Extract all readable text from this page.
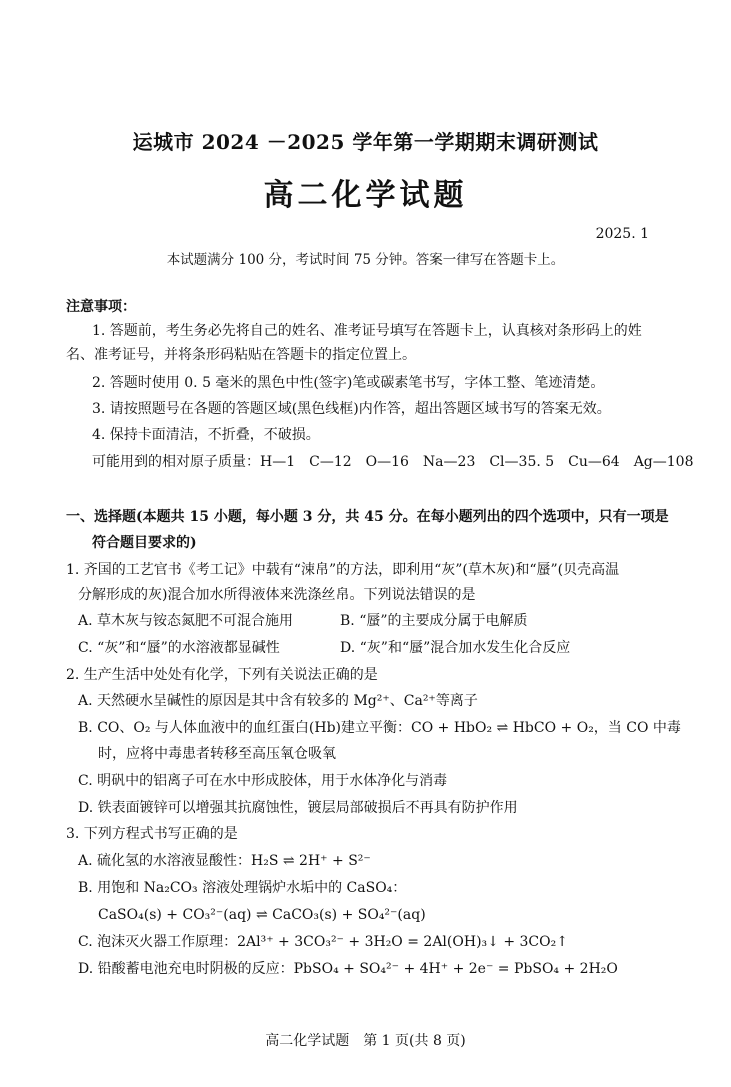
运城市 2024 －2025 学年第一学期期末调研测试
高二化学试题
2025. 1
本试题满分 100 分，考试时间 75 分钟。答案一律写在答题卡上。
注意事项：
1. 答题前，考生务必先将自己的姓名、准考证号填写在答题卡上，认真核对条形码上的姓
名、准考证号，并将条形码粘贴在答题卡的指定位置上。
2. 答题时使用 0. 5 毫米的黑色中性(签字)笔或碳素笔书写，字体工整、笔迹清楚。
3. 请按照题号在各题的答题区域(黑色线框)内作答，超出答题区域书写的答案无效。
4. 保持卡面清洁，不折叠，不破损。
可能用到的相对原子质量：H—1　C—12　O—16　Na—23　Cl—35. 5　Cu—64　Ag—108
一、选择题(本题共 15 小题，每小题 3 分，共 45 分。在每小题列出的四个选项中，只有一项是
符合题目要求的)
1. 齐国的工艺官书《考工记》中载有“涑帛”的方法，即利用“灰”(草木灰)和“蜃”(贝壳高温
分解形成的灰)混合加水所得液体来洗涤丝帛。下列说法错误的是
A. 草木灰与铵态氮肥不可混合施用	B. “蜃”的主要成分属于电解质
C. “灰”和“蜃”的水溶液都显碱性	D. “灰”和“蜃”混合加水发生化合反应
2. 生产生活中处处有化学，下列有关说法正确的是
A. 天然硬水呈碱性的原因是其中含有较多的 Mg²⁺、Ca²⁺等离子
B. CO、O₂ 与人体血液中的血红蛋白(Hb)建立平衡：CO + HbO₂ ⇌ HbCO + O₂，当 CO 中毒
时，应将中毒患者转移至高压氧仓吸氧
C. 明矾中的铝离子可在水中形成胶体，用于水体净化与消毒
D. 铁表面镀锌可以增强其抗腐蚀性，镀层局部破损后不再具有防护作用
3. 下列方程式书写正确的是
A. 硫化氢的水溶液显酸性：H₂S ⇌ 2H⁺ + S²⁻
B. 用饱和 Na₂CO₃ 溶液处理锅炉水垢中的 CaSO₄：
CaSO₄(s) + CO₃²⁻(aq) ⇌ CaCO₃(s) + SO₄²⁻(aq)
C. 泡沫灭火器工作原理：2Al³⁺ + 3CO₃²⁻ + 3H₂O = 2Al(OH)₃↓ + 3CO₂↑
D. 铅酸蓄电池充电时阴极的反应：PbSO₄ + SO₄²⁻ + 4H⁺ + 2e⁻ = PbSO₄ + 2H₂O
高二化学试题　第 1 页(共 8 页)
